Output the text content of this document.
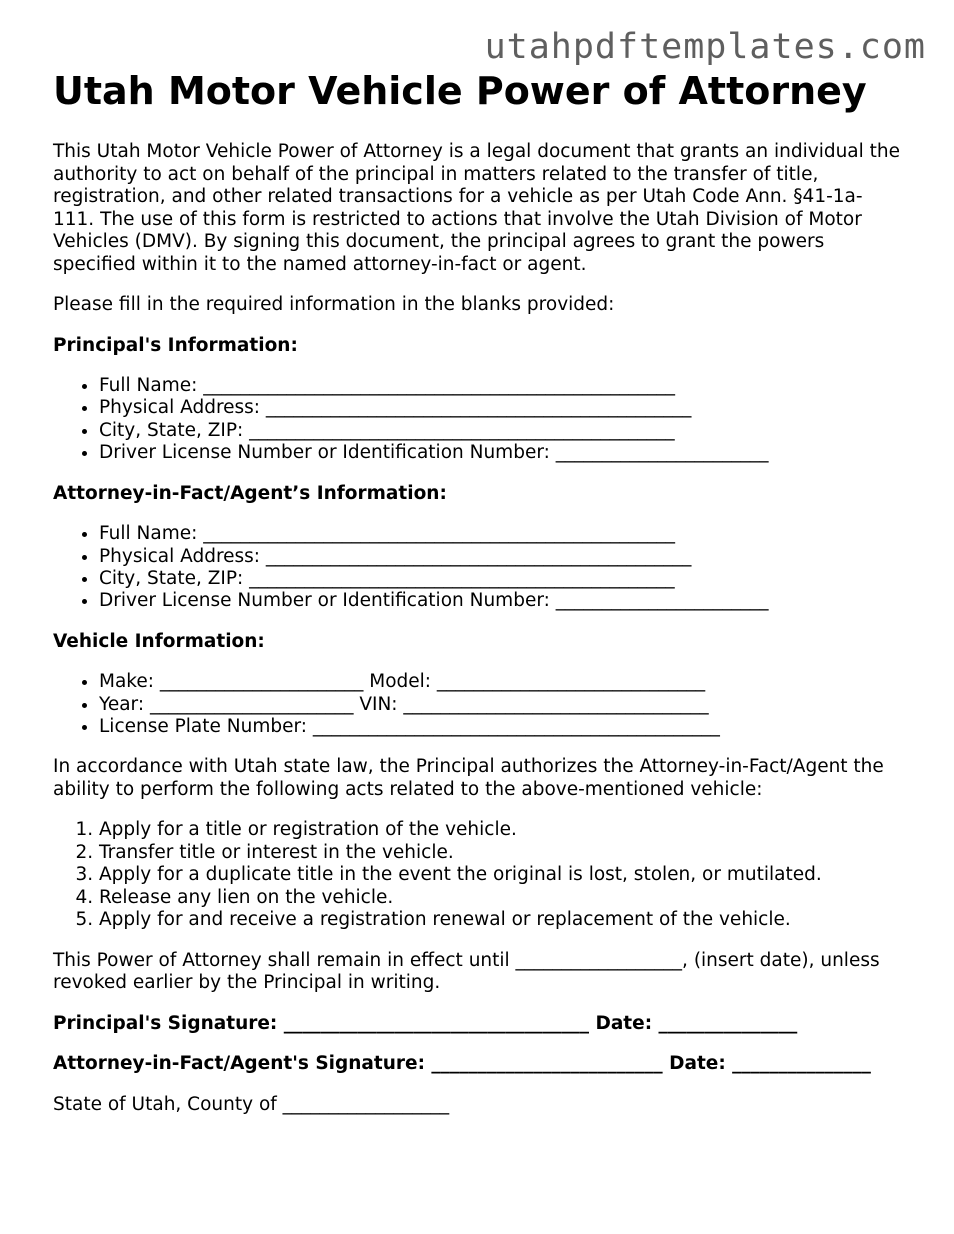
utahpdftemplates.com
Utah Motor Vehicle Power of Attorney

This Utah Motor Vehicle Power of Attorney is a legal document that grants an individual the authority to act on behalf of the principal in matters related to the transfer of title, registration, and other related transactions for a vehicle as per Utah Code Ann. §41-1a-111. The use of this form is restricted to actions that involve the Utah Division of Motor Vehicles (DMV). By signing this document, the principal agrees to grant the powers specified within it to the named attorney-in-fact or agent.

Please fill in the required information in the blanks provided:

Principal's Information:

• Full Name: ___________________________________________________
• Physical Address: ______________________________________________
• City, State, ZIP: ______________________________________________
• Driver License Number or Identification Number: _______________________

Attorney-in-Fact/Agent’s Information:

• Full Name: ___________________________________________________
• Physical Address: ______________________________________________
• City, State, ZIP: ______________________________________________
• Driver License Number or Identification Number: _______________________

Vehicle Information:

• Make: ______________________ Model: _____________________________
• Year: ______________________ VIN: _________________________________
• License Plate Number: ____________________________________________

In accordance with Utah state law, the Principal authorizes the Attorney-in-Fact/Agent the ability to perform the following acts related to the above-mentioned vehicle:

1. Apply for a title or registration of the vehicle.
2. Transfer title or interest in the vehicle.
3. Apply for a duplicate title in the event the original is lost, stolen, or mutilated.
4. Release any lien on the vehicle.
5. Apply for and receive a registration renewal or replacement of the vehicle.

This Power of Attorney shall remain in effect until __________________, (insert date), unless revoked earlier by the Principal in writing.

Principal's Signature: _________________________________ Date: _______________

Attorney-in-Fact/Agent's Signature: _________________________ Date: _______________

State of Utah, County of __________________
